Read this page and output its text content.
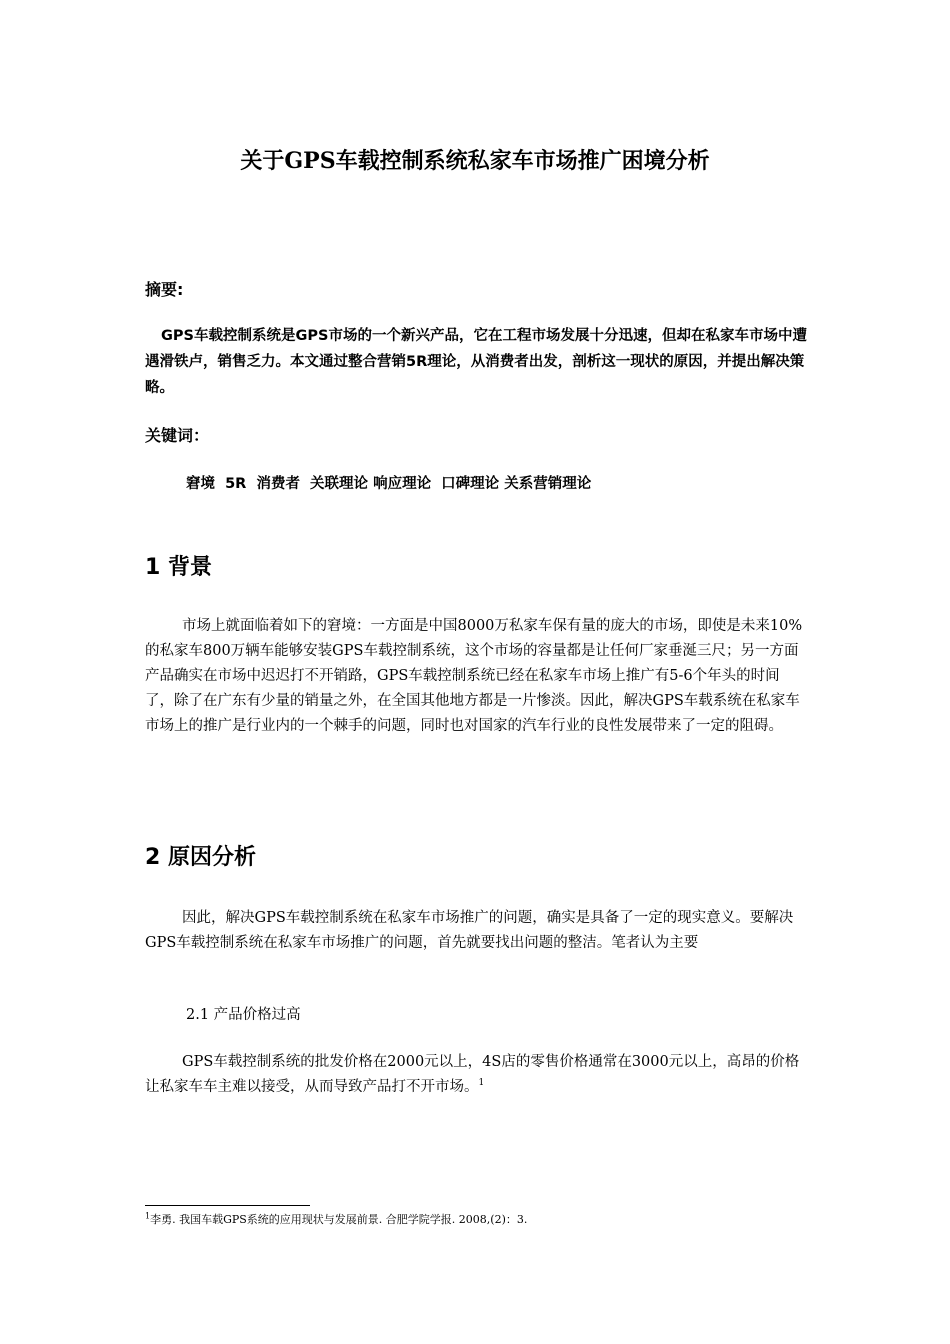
关于GPS车载控制系统私家车市场推广困境分析
摘要:
GPS车载控制系统是GPS市场的一个新兴产品，它在工程市场发展十分迅速，但却在私家车市场中遭遇滑铁卢，销售乏力。本文通过整合营销5R理论，从消费者出发，剖析这一现状的原因，并提出解决策略。
关键词：
窘境  5R  消费者  关联理论 响应理论  口碑理论 关系营销理论
1 背景
市场上就面临着如下的窘境：一方面是中国8000万私家车保有量的庞大的市场，即使是未来10%的私家车800万辆车能够安装GPS车载控制系统，这个市场的容量都是让任何厂家垂涎三尺；另一方面产品确实在市场中迟迟打不开销路，GPS车载控制系统已经在私家车市场上推广有5-6个年头的时间了，除了在广东有少量的销量之外，在全国其他地方都是一片惨淡。因此，解决GPS车载系统在私家车市场上的推广是行业内的一个棘手的问题，同时也对国家的汽车行业的良性发展带来了一定的阻碍。
2 原因分析
因此，解决GPS车载控制系统在私家车市场推广的问题，确实是具备了一定的现实意义。要解决GPS车载控制系统在私家车市场推广的问题，首先就要找出问题的整洁。笔者认为主要
2.1 产品价格过高
GPS车载控制系统的批发价格在2000元以上，4S店的零售价格通常在3000元以上，高昂的价格让私家车车主难以接受，从而导致产品打不开市场。$^1$
$^1$李勇. 我国车载GPS系统的应用现状与发展前景. 合肥学院学报. 2008,(2)：3.
